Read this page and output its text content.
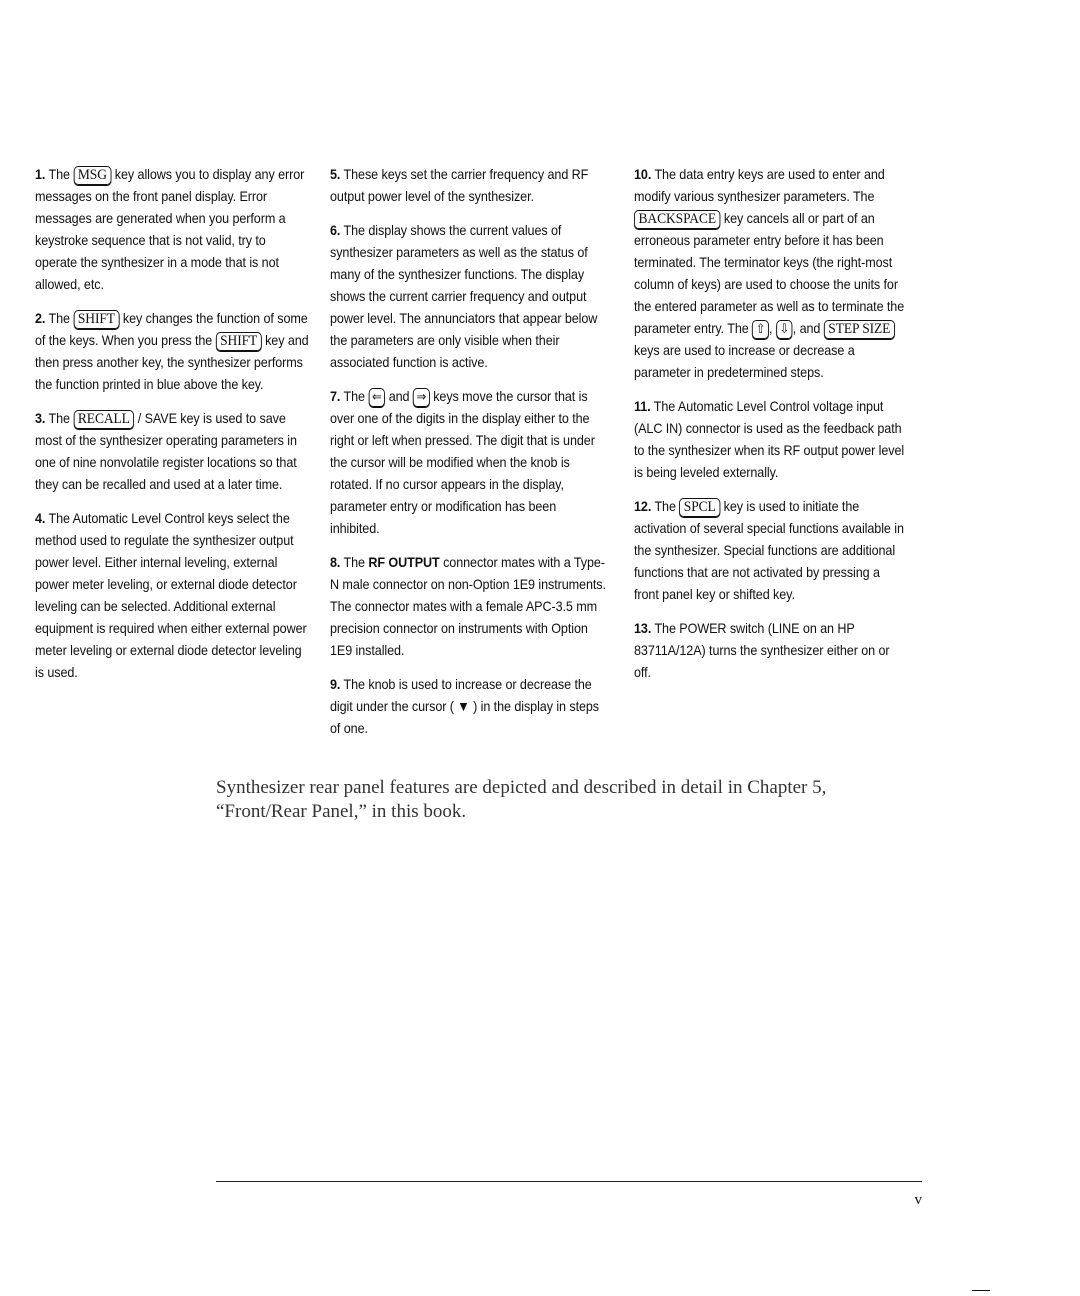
1. The MSG key allows you to display any error messages on the front panel display. Error messages are generated when you perform a keystroke sequence that is not valid, try to operate the synthesizer in a mode that is not allowed, etc.

2. The SHIFT key changes the function of some of the keys. When you press the SHIFT key and then press another key, the synthesizer performs the function printed in blue above the key.

3. The RECALL / SAVE key is used to save most of the synthesizer operating parameters in one of nine nonvolatile register locations so that they can be recalled and used at a later time.

4. The Automatic Level Control keys select the method used to regulate the synthesizer output power level. Either internal leveling, external power meter leveling, or external diode detector leveling can be selected. Additional external equipment is required when either external power meter leveling or external diode detector leveling is used.

5. These keys set the carrier frequency and RF output power level of the synthesizer.

6. The display shows the current values of synthesizer parameters as well as the status of many of the synthesizer functions. The display shows the current carrier frequency and output power level. The annunciators that appear below the parameters are only visible when their associated function is active.

7. The ⇐ and ⇒ keys move the cursor that is over one of the digits in the display either to the right or left when pressed. The digit that is under the cursor will be modified when the knob is rotated. If no cursor appears in the display, parameter entry or modification has been inhibited.

8. The RF OUTPUT connector mates with a Type-N male connector on non-Option 1E9 instruments. The connector mates with a female APC-3.5 mm precision connector on instruments with Option 1E9 installed.

9. The knob is used to increase or decrease the digit under the cursor ( ▼ ) in the display in steps of one.

10. The data entry keys are used to enter and modify various synthesizer parameters. The BACKSPACE key cancels all or part of an erroneous parameter entry before it has been terminated. The terminator keys (the right-most column of keys) are used to choose the units for the entered parameter as well as to terminate the parameter entry. The ⇧ , ⇩ , and STEP SIZE keys are used to increase or decrease a parameter in predetermined steps.

11. The Automatic Level Control voltage input (ALC IN) connector is used as the feedback path to the synthesizer when its RF output power level is being leveled externally.

12. The SPCL key is used to initiate the activation of several special functions available in the synthesizer. Special functions are additional functions that are not activated by pressing a front panel key or shifted key.

13. The POWER switch (LINE on an HP 83711A/12A) turns the synthesizer either on or off.

Synthesizer rear panel features are depicted and described in detail in Chapter 5, “Front/Rear Panel,” in this book.
v
